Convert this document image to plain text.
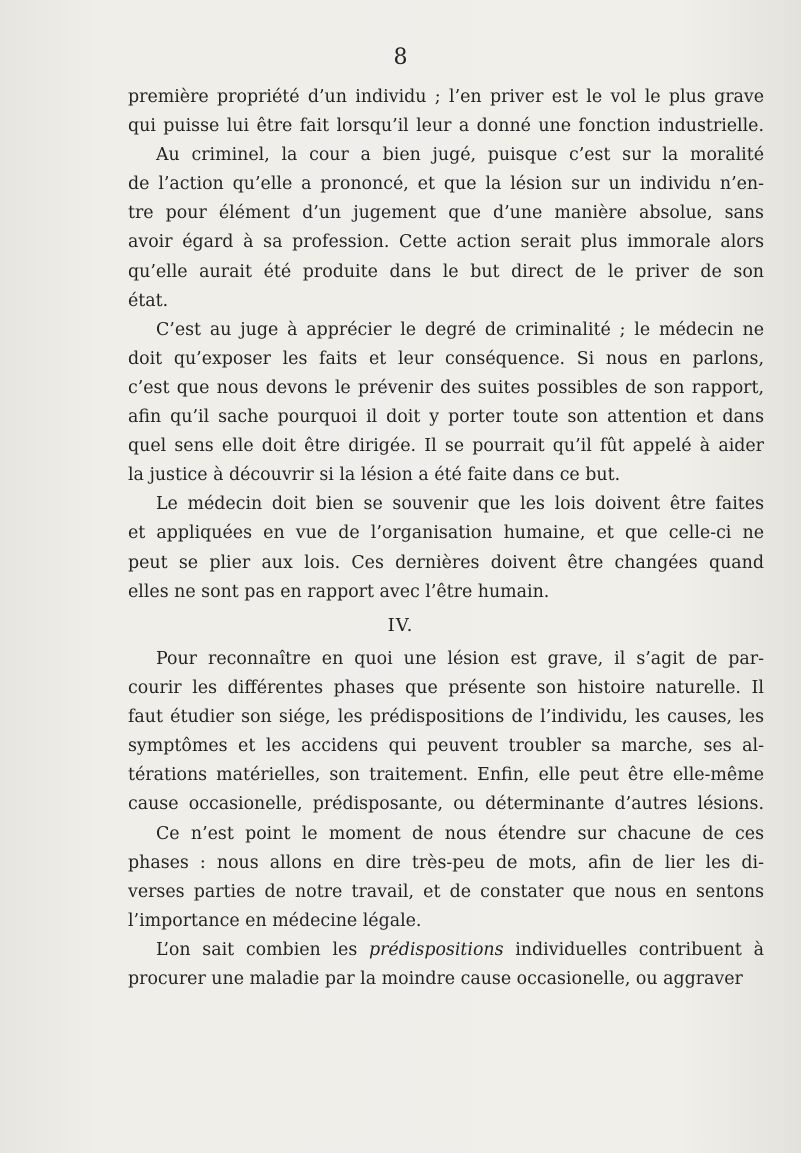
8
première propriété d’un individu ; l’en priver est le vol le plus grave
qui puisse lui être fait lorsqu’il leur a donné une fonction industrielle.
Au criminel, la cour a bien jugé, puisque c’est sur la moralité
de l’action qu’elle a prononcé, et que la lésion sur un individu n’en-
tre pour élément d’un jugement que d’une manière absolue, sans
avoir égard à sa profession. Cette action serait plus immorale alors
qu’elle aurait été produite dans le but direct de le priver de son
état.
C’est au juge à apprécier le degré de criminalité ; le médecin ne
doit qu’exposer les faits et leur conséquence. Si nous en parlons,
c’est que nous devons le prévenir des suites possibles de son rapport,
afin qu’il sache pourquoi il doit y porter toute son attention et dans
quel sens elle doit être dirigée. Il se pourrait qu’il fût appelé à aider
la justice à découvrir si la lésion a été faite dans ce but.
Le médecin doit bien se souvenir que les lois doivent être faites
et appliquées en vue de l’organisation humaine, et que celle-ci ne
peut se plier aux lois. Ces dernières doivent être changées quand
elles ne sont pas en rapport avec l’être humain.
IV.
Pour reconnaître en quoi une lésion est grave, il s’agit de par-
courir les différentes phases que présente son histoire naturelle. Il
faut étudier son siége, les prédispositions de l’individu, les causes, les
symptômes et les accidens qui peuvent troubler sa marche, ses al-
térations matérielles, son traitement. Enfin, elle peut être elle-même
cause occasionelle, prédisposante, ou déterminante d’autres lésions.
Ce n’est point le moment de nous étendre sur chacune de ces
phases : nous allons en dire très-peu de mots, afin de lier les di-
verses parties de notre travail, et de constater que nous en sentons
l’importance en médecine légale.
L’on sait combien les prédispositions individuelles contribuent à
procurer une maladie par la moindre cause occasionelle, ou aggraver
